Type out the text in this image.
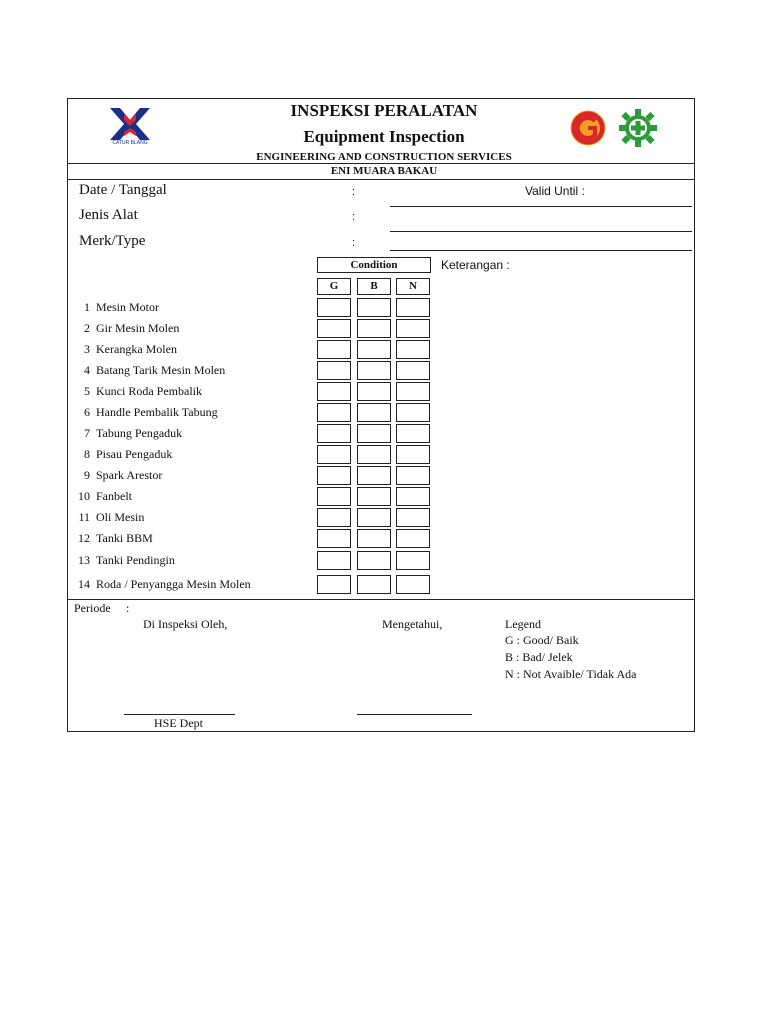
CATUR BLANG
INSPEKSI PERALATAN
Equipment Inspection
ENGINEERING AND CONSTRUCTION SERVICES
ENI MUARA BAKAU
Date / Tanggal	:	Valid Until :
Jenis Alat	:
Merk/Type	:
Condition	Keterangan :
G	B	N
1 Mesin Motor
2 Gir Mesin Molen
3 Kerangka Molen
4 Batang Tarik Mesin Molen
5 Kunci Roda Pembalik
6 Handle Pembalik Tabung
7 Tabung Pengaduk
8 Pisau Pengaduk
9 Spark Arestor
10 Fanbelt
11 Oli Mesin
12 Tanki BBM
13 Tanki Pendingin
14 Roda / Penyangga Mesin Molen
Periode :
Di Inspeksi Oleh,	Mengetahui,	Legend
G : Good/ Baik
B : Bad/ Jelek
N : Not Avaible/ Tidak Ada
HSE Dept
